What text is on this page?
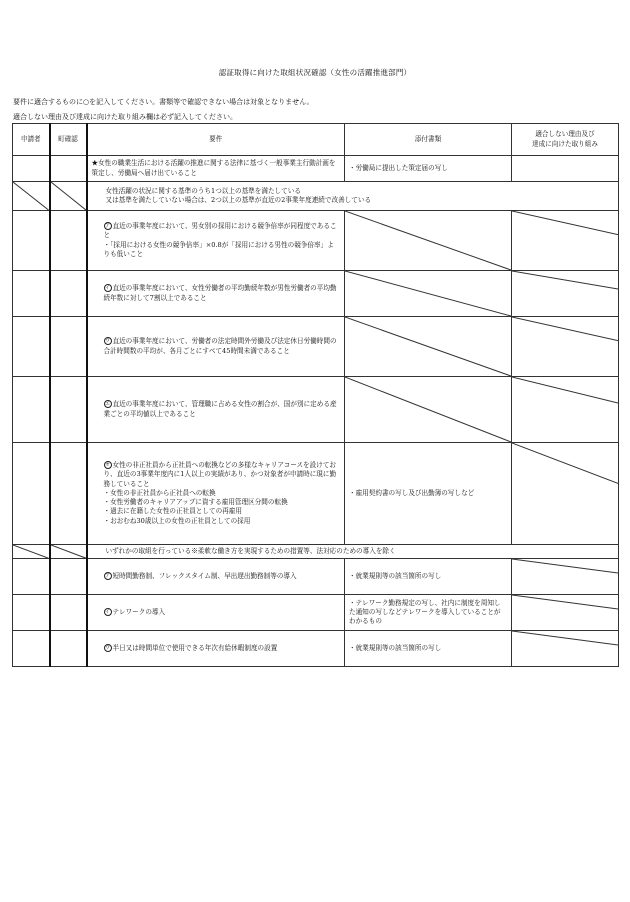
認証取得に向けた取組状況確認（女性の活躍推進部門）
要件に適合するものに○を記入してください。書類等で確認できない場合は対象となりません。
適合しない理由及び達成に向けた取り組み欄は必ず記入してください。
申請者	町確認	要件	添付書類	適合しない理由及び
達成に向けた取り組み
		★女性の職業生活における活躍の推進に関する法律に基づく一般事業主行動計画を策定し、労働局へ届け出ていること	・労働局に提出した策定届の写し	

	女性活躍の状況に関する基準のうち1つ以上の基準を満たしている
又は基準を満たしていない場合は、2つ以上の基準が直近の2事業年度連続で改善している		
		ア 直近の事業年度において、男女別の採用における競争倍率が同程度であること
・「採用における女性の競争倍率」×0.8が「採用における男性の競争倍率」よりも低いこと	

		イ 直近の事業年度において、女性労働者の平均勤続年数が男性労働者の平均勤続年数に対して7割以上であること	

		ウ 直近の事業年度において、労働者の法定時間外労働及び法定休日労働時間の合計時間数の平均が、各月ごとにすべて45時間未満であること	

		エ 直近の事業年度において、管理職に占める女性の割合が、国が別に定める産業ごとの平均値以上であること	

		オ 女性の非正社員から正社員への転換などの多様なキャリアコースを設けており、直近の3事業年度内に1人以上の実績があり、かつ対象者が申請時に現に勤務していること
・女性の非正社員から正社員への転換
・女性労働者のキャリアアップに資する雇用管理区分間の転換
・過去に在籍した女性の正社員としての再雇用
・おおむね30歳以上の女性の正社員としての採用	・雇用契約書の写し及び出勤簿の写しなど	

	いずれかの取組を行っている※柔軟な働き方を実現するための措置等、法対応のための導入を除く		
		ア 短時間勤務制、フレックスタイム制、早出遅出勤務制等の導入	・就業規則等の該当箇所の写し	

		イ テレワークの導入	・テレワーク勤務規定の写し、社内に制度を周知した通知の写しなどテレワークを導入していることがわかるもの	

		ウ 半日又は時間単位で使用できる年次有給休暇制度の設置	・就業規則等の該当箇所の写し	
